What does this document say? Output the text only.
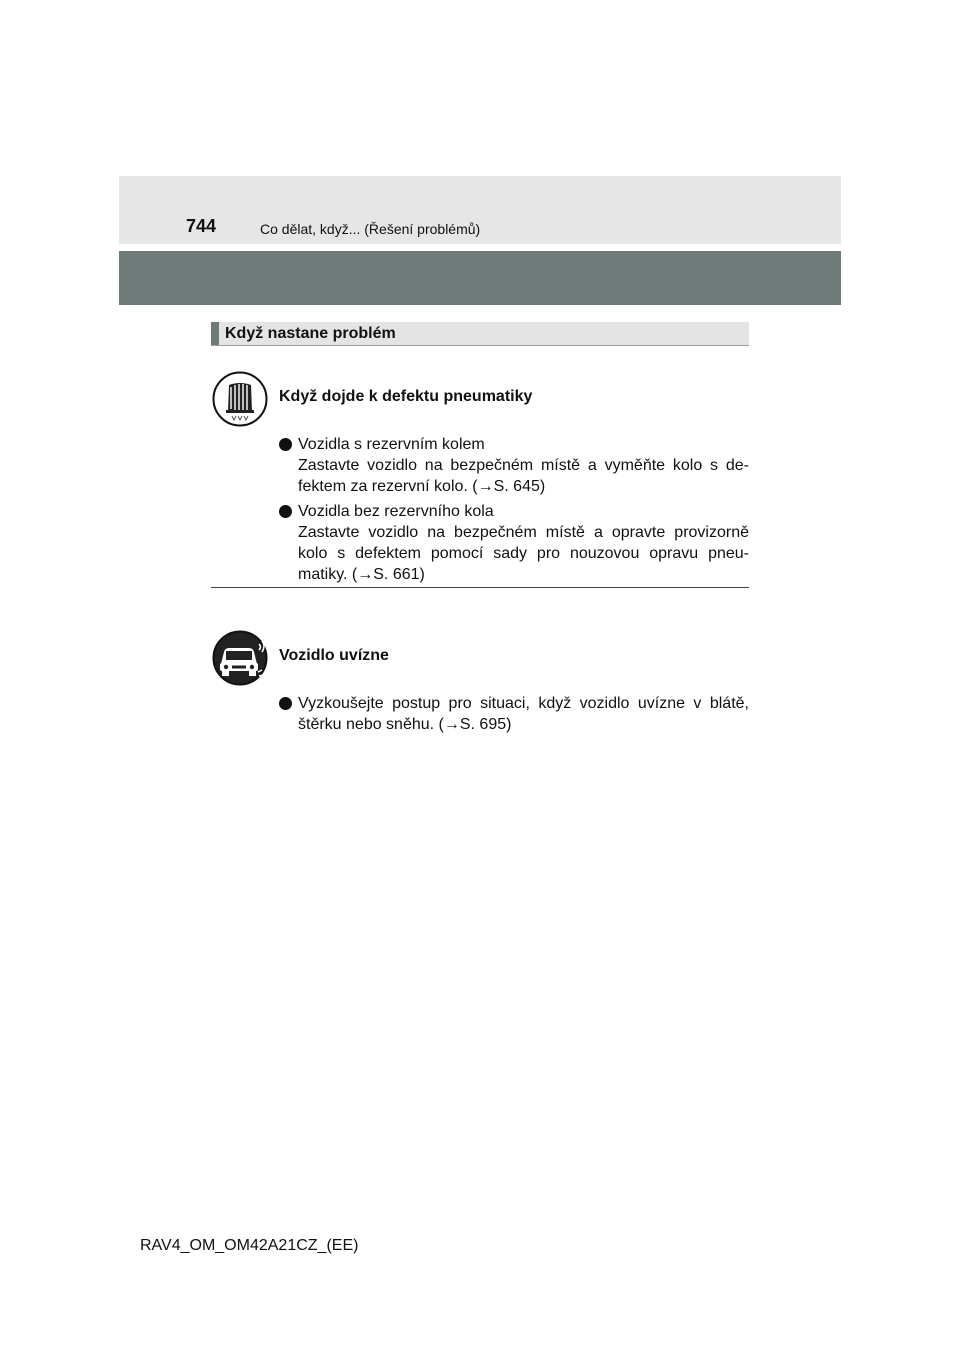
744	Co dělat, když... (Řešení problémů)
Když nastane problém
Když dojde k defektu pneumatiky
Vozidla s rezervním kolem
Zastavte vozidlo na bezpečném místě a vyměňte kolo s de-
fektem za rezervní kolo. (→S. 645)
Vozidla bez rezervního kola
Zastavte vozidlo na bezpečném místě a opravte provizorně
kolo s defektem pomocí sady pro nouzovou opravu pneu-
matiky. (→S. 661)
Vozidlo uvízne
Vyzkoušejte postup pro situaci, když vozidlo uvízne v blátě,
štěrku nebo sněhu. (→S. 695)
RAV4_OM_OM42A21CZ_(EE)
